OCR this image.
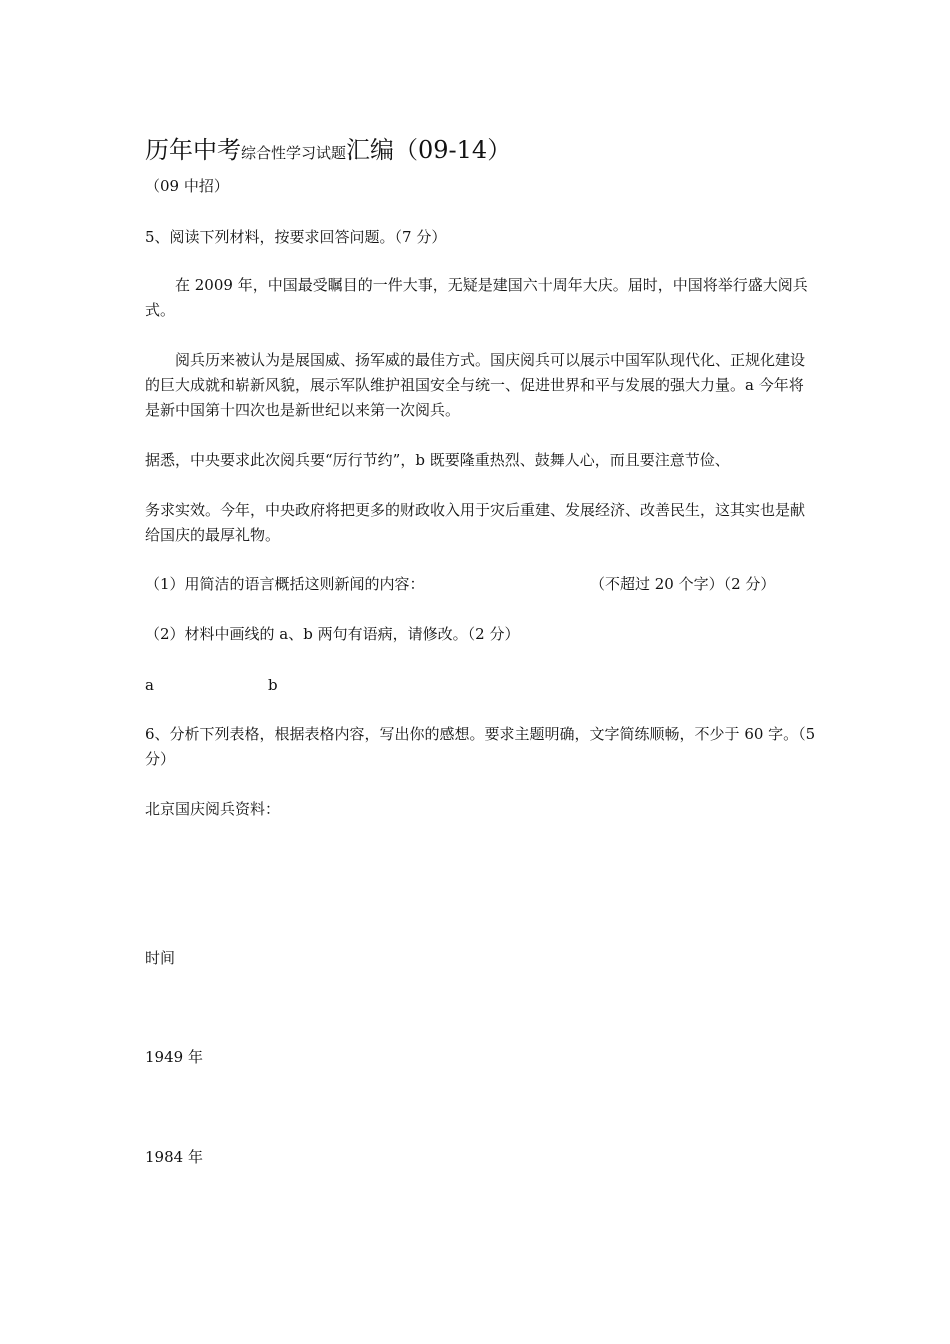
历年中考综合性学习试题汇编（09-14）
（09 中招）
5、阅读下列材料，按要求回答问题。（7 分）
在 2009 年，中国最受瞩目的一件大事，无疑是建国六十周年大庆。届时，中国将举行盛大阅兵式。
阅兵历来被认为是展国威、扬军威的最佳方式。国庆阅兵可以展示中国军队现代化、正规化建设的巨大成就和崭新风貌，展示军队维护祖国安全与统一、促进世界和平与发展的强大力量。a 今年将是新中国第十四次也是新世纪以来第一次阅兵。
据悉，中央要求此次阅兵要“厉行节约”，b 既要隆重热烈、鼓舞人心，而且要注意节俭、
务求实效。今年，中央政府将把更多的财政收入用于灾后重建、发展经济、改善民生，这其实也是献给国庆的最厚礼物。
（1）用简洁的语言概括这则新闻的内容：	（不超过 20 个字）（2 分）
（2）材料中画线的 a、b 两句有语病，请修改。（2 分）
a	b
6、分析下列表格，根据表格内容，写出你的感想。要求主题明确，文字简练顺畅，不少于 60 字。（5 分）
北京国庆阅兵资料：
时间
1949 年
1984 年
